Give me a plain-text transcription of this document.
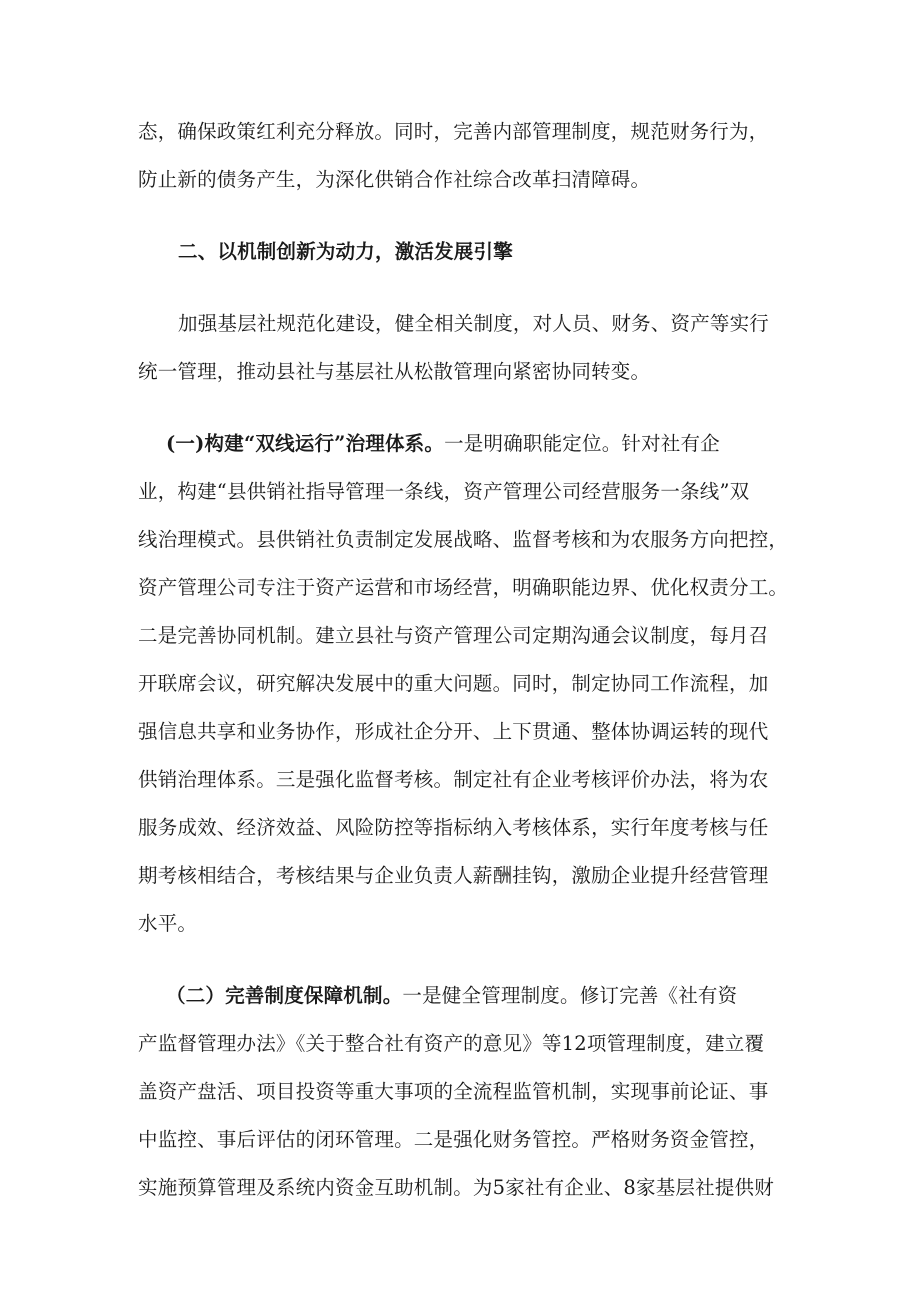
态，确保政策红利充分释放。同时，完善内部管理制度，规范财务行为，
防止新的债务产生，为深化供销合作社综合改革扫清障碍。
二、以机制创新为动力，激活发展引擎
加强基层社规范化建设，健全相关制度，对人员、财务、资产等实行
统一管理，推动县社与基层社从松散管理向紧密协同转变。
(一)构建“双线运行”治理体系。一是明确职能定位。针对社有企
业，构建“县供销社指导管理一条线，资产管理公司经营服务一条线”双
线治理模式。县供销社负责制定发展战略、监督考核和为农服务方向把控，
资产管理公司专注于资产运营和市场经营，明确职能边界、优化权责分工。
二是完善协同机制。建立县社与资产管理公司定期沟通会议制度，每月召
开联席会议，研究解决发展中的重大问题。同时，制定协同工作流程，加
强信息共享和业务协作，形成社企分开、上下贯通、整体协调运转的现代
供销治理体系。三是强化监督考核。制定社有企业考核评价办法，将为农
服务成效、经济效益、风险防控等指标纳入考核体系，实行年度考核与任
期考核相结合，考核结果与企业负责人薪酬挂钩，激励企业提升经营管理
水平。
（二）完善制度保障机制。一是健全管理制度。修订完善《社有资
产监督管理办法》《关于整合社有资产的意见》等12项管理制度，建立覆
盖资产盘活、项目投资等重大事项的全流程监管机制，实现事前论证、事
中监控、事后评估的闭环管理。二是强化财务管控。严格财务资金管控，
实施预算管理及系统内资金互助机制。为5家社有企业、8家基层社提供财
